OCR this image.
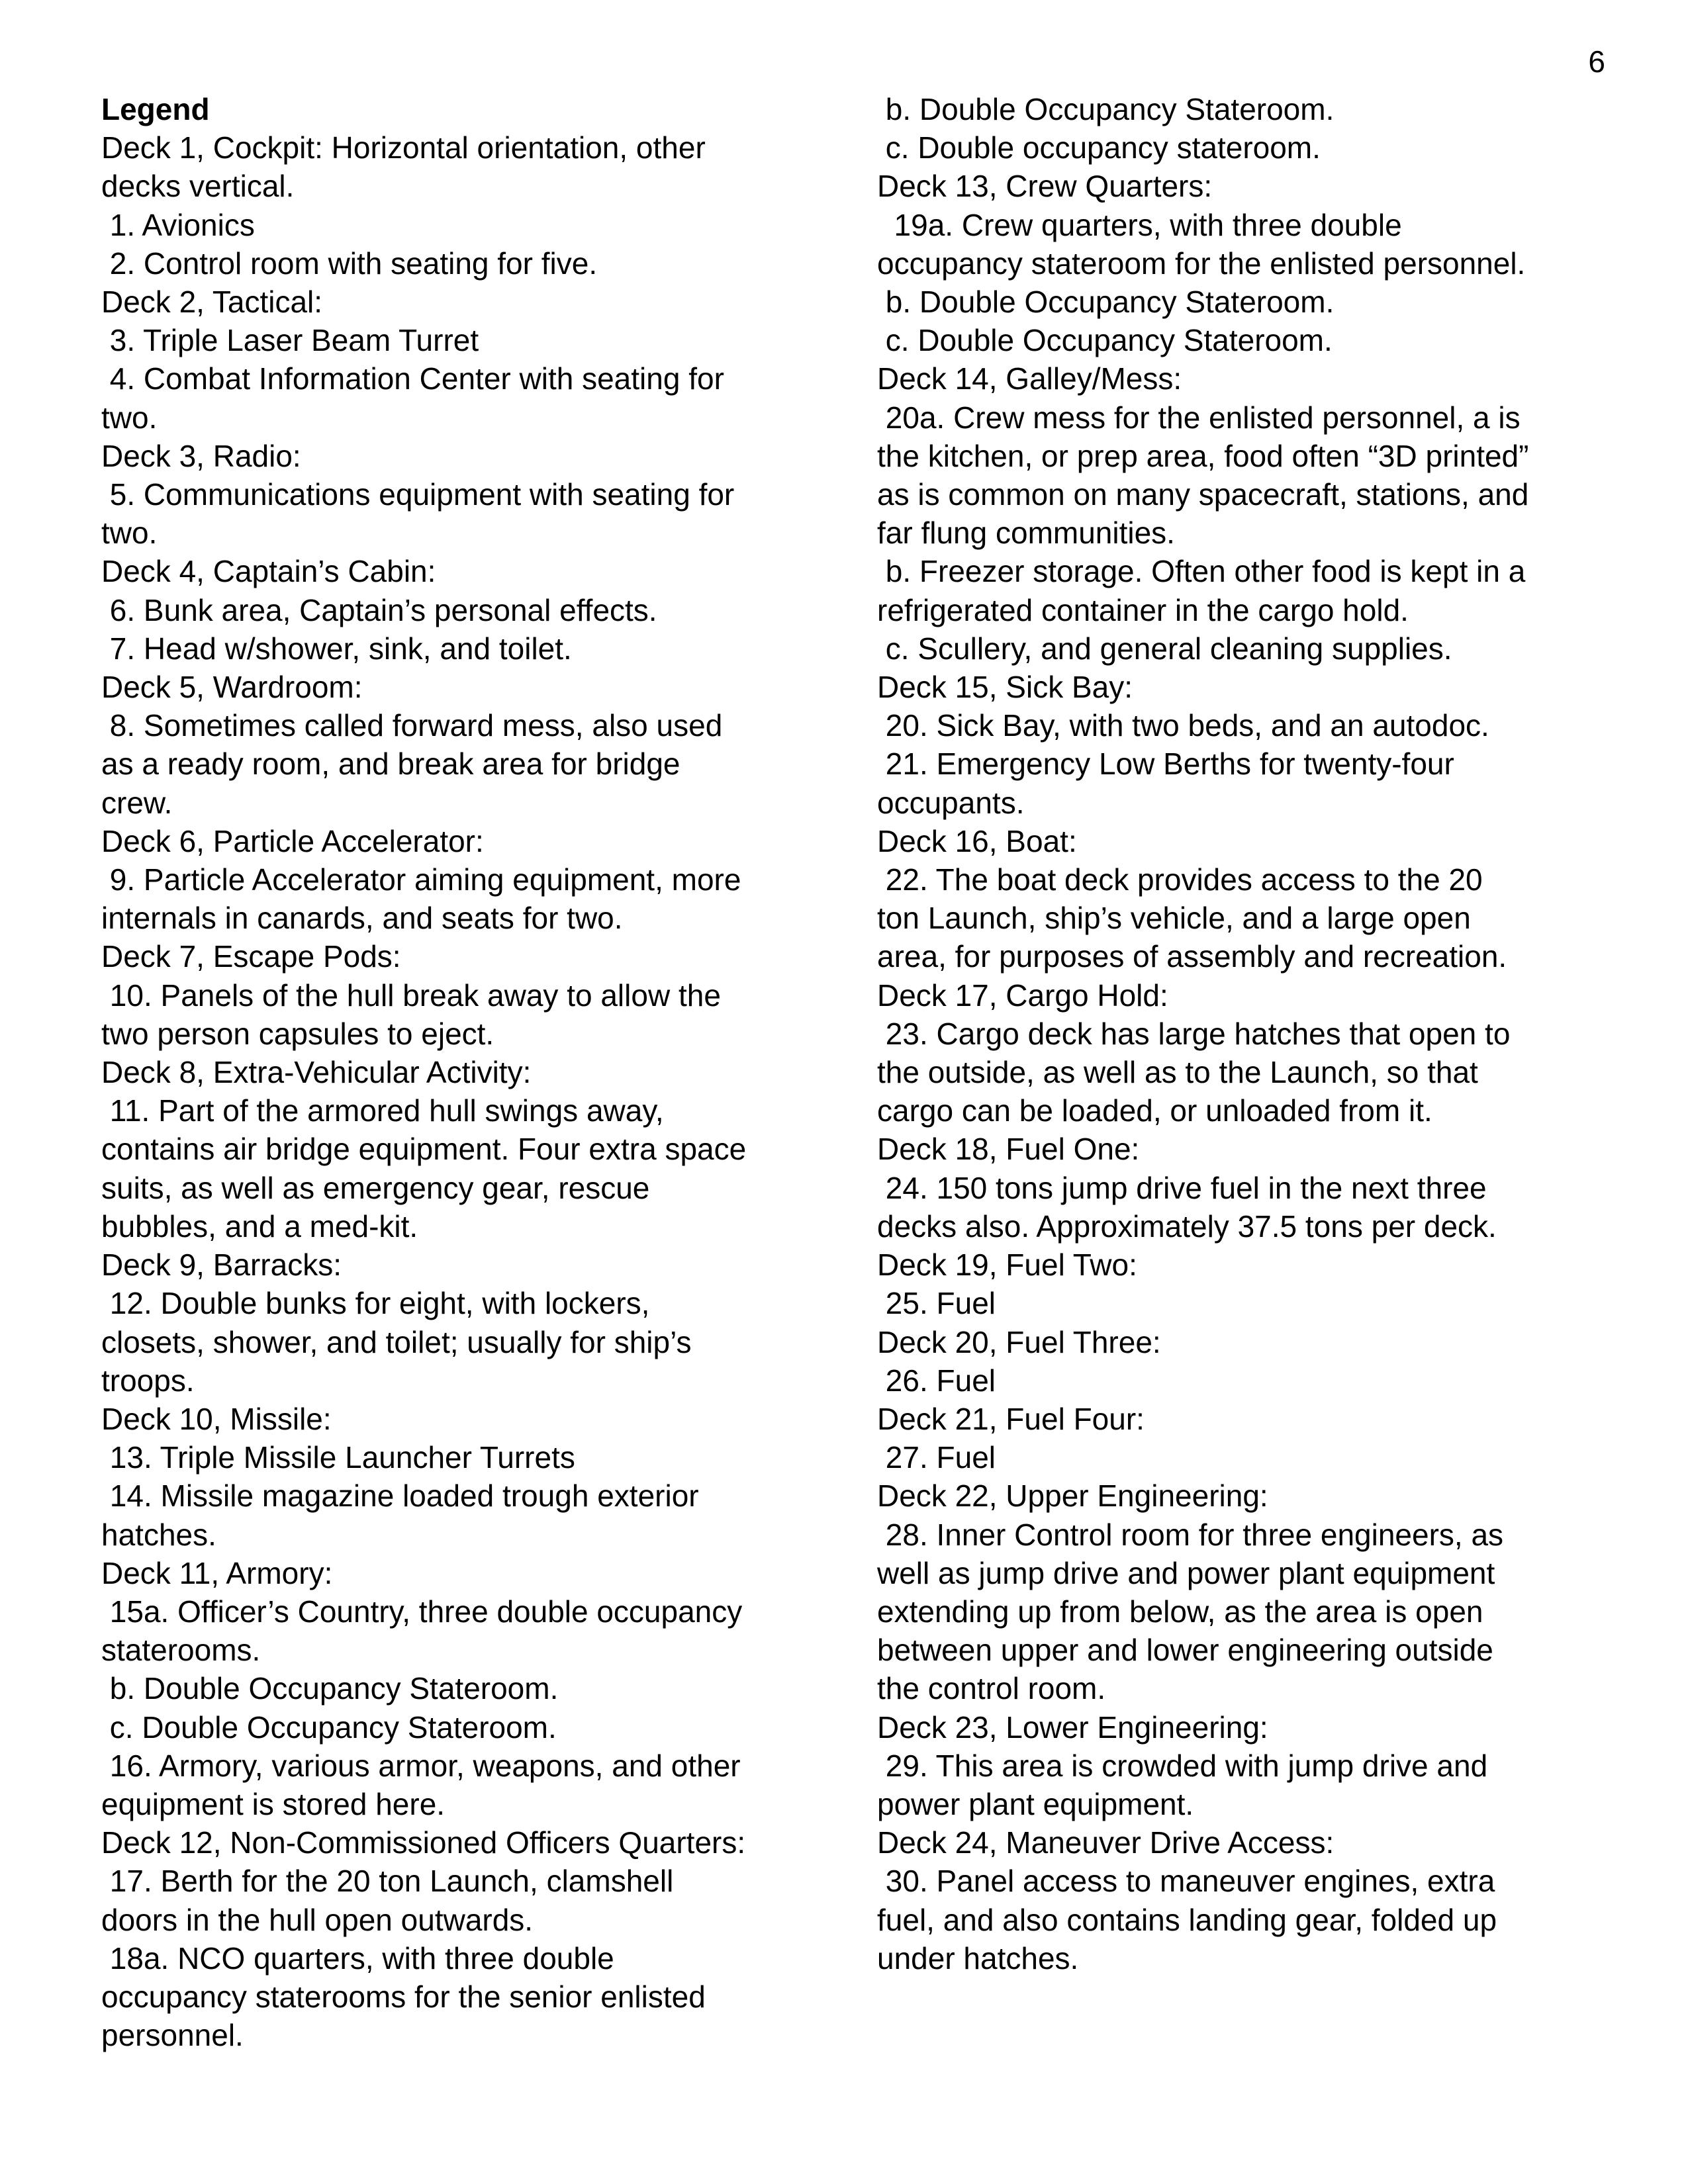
6
Legend
Deck 1, Cockpit: Horizontal orientation, other
decks vertical.
1. Avionics
2. Control room with seating for five.
Deck 2, Tactical:
3. Triple Laser Beam Turret
4. Combat Information Center with seating for
two.
Deck 3, Radio:
5. Communications equipment with seating for
two.
Deck 4, Captain’s Cabin:
6. Bunk area, Captain’s personal effects.
7. Head w/shower, sink, and toilet.
Deck 5, Wardroom:
8. Sometimes called forward mess, also used
as a ready room, and break area for bridge
crew.
Deck 6, Particle Accelerator:
9. Particle Accelerator aiming equipment, more
internals in canards, and seats for two.
Deck 7, Escape Pods:
10. Panels of the hull break away to allow the
two person capsules to eject.
Deck 8, Extra-Vehicular Activity:
11. Part of the armored hull swings away,
contains air bridge equipment. Four extra space
suits, as well as emergency gear, rescue
bubbles, and a med-kit.
Deck 9, Barracks:
12. Double bunks for eight, with lockers,
closets, shower, and toilet; usually for ship’s
troops.
Deck 10, Missile:
13. Triple Missile Launcher Turrets
14. Missile magazine loaded trough exterior
hatches.
Deck 11, Armory:
15a. Officer’s Country, three double occupancy
staterooms.
b. Double Occupancy Stateroom.
c. Double Occupancy Stateroom.
16. Armory, various armor, weapons, and other
equipment is stored here.
Deck 12, Non-Commissioned Officers Quarters:
17. Berth for the 20 ton Launch, clamshell
doors in the hull open outwards.
18a. NCO quarters, with three double
occupancy staterooms for the senior enlisted
personnel.
b. Double Occupancy Stateroom.
c. Double occupancy stateroom.
Deck 13, Crew Quarters:
19a. Crew quarters, with three double
occupancy stateroom for the enlisted personnel.
b. Double Occupancy Stateroom.
c. Double Occupancy Stateroom.
Deck 14, Galley/Mess:
20a. Crew mess for the enlisted personnel, a is
the kitchen, or prep area, food often “3D printed”
as is common on many spacecraft, stations, and
far flung communities.
b. Freezer storage. Often other food is kept in a
refrigerated container in the cargo hold.
c. Scullery, and general cleaning supplies.
Deck 15, Sick Bay:
20. Sick Bay, with two beds, and an autodoc.
21. Emergency Low Berths for twenty-four
occupants.
Deck 16, Boat:
22. The boat deck provides access to the 20
ton Launch, ship’s vehicle, and a large open
area, for purposes of assembly and recreation.
Deck 17, Cargo Hold:
23. Cargo deck has large hatches that open to
the outside, as well as to the Launch, so that
cargo can be loaded, or unloaded from it.
Deck 18, Fuel One:
24. 150 tons jump drive fuel in the next three
decks also. Approximately 37.5 tons per deck.
Deck 19, Fuel Two:
25. Fuel
Deck 20, Fuel Three:
26. Fuel
Deck 21, Fuel Four:
27. Fuel
Deck 22, Upper Engineering:
28. Inner Control room for three engineers, as
well as jump drive and power plant equipment
extending up from below, as the area is open
between upper and lower engineering outside
the control room.
Deck 23, Lower Engineering:
29. This area is crowded with jump drive and
power plant equipment.
Deck 24, Maneuver Drive Access:
30. Panel access to maneuver engines, extra
fuel, and also contains landing gear, folded up
under hatches.
